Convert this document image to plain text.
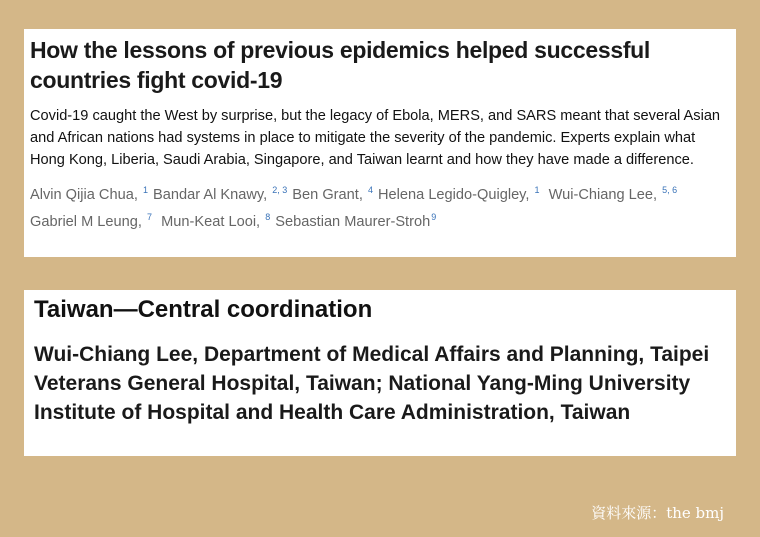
How the lessons of previous epidemics helped successful countries fight covid-19

Covid-19 caught the West by surprise, but the legacy of Ebola, MERS, and SARS meant that several Asian and African nations had systems in place to mitigate the severity of the pandemic. Experts explain what Hong Kong, Liberia, Saudi Arabia, Singapore, and Taiwan learnt and how they have made a difference.

Alvin Qijia Chua, $^1$ Bandar Al Knawy, $^{2, 3}$ Ben Grant, $^4$ Helena Legido-Quigley, $^1$ Wui-Chiang Lee, $^{5, 6}$
Gabriel M Leung, $^7$ Mun-Keat Looi, $^8$ Sebastian Maurer-Stroh$^9$

Taiwan—Central coordination

Wui-Chiang Lee, Department of Medical Affairs and Planning, Taipei Veterans General Hospital, Taiwan; National Yang-Ming University Institute of Hospital and Health Care Administration, Taiwan

資料來源：the bmj
